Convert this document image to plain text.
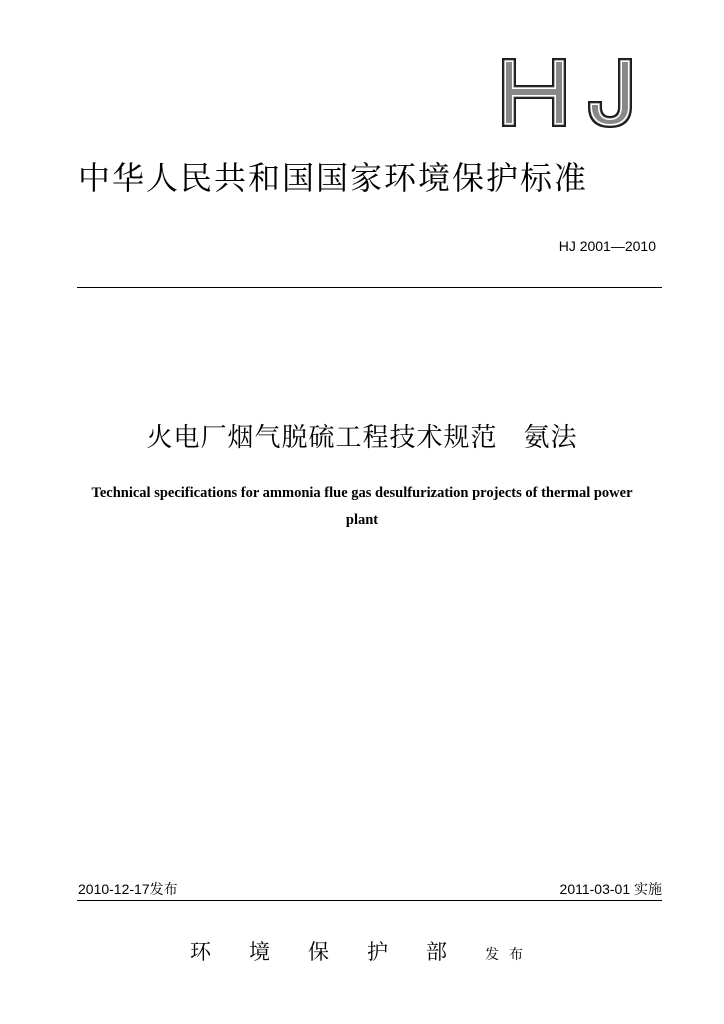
中华人民共和国国家环境保护标准
HJ 2001—2010
火电厂烟气脱硫工程技术规范 氨法
Technical specifications for ammonia flue gas desulfurization projects of thermal power plant
2010-12-17发布	2011-03-01 实施
环境保护部 发布
